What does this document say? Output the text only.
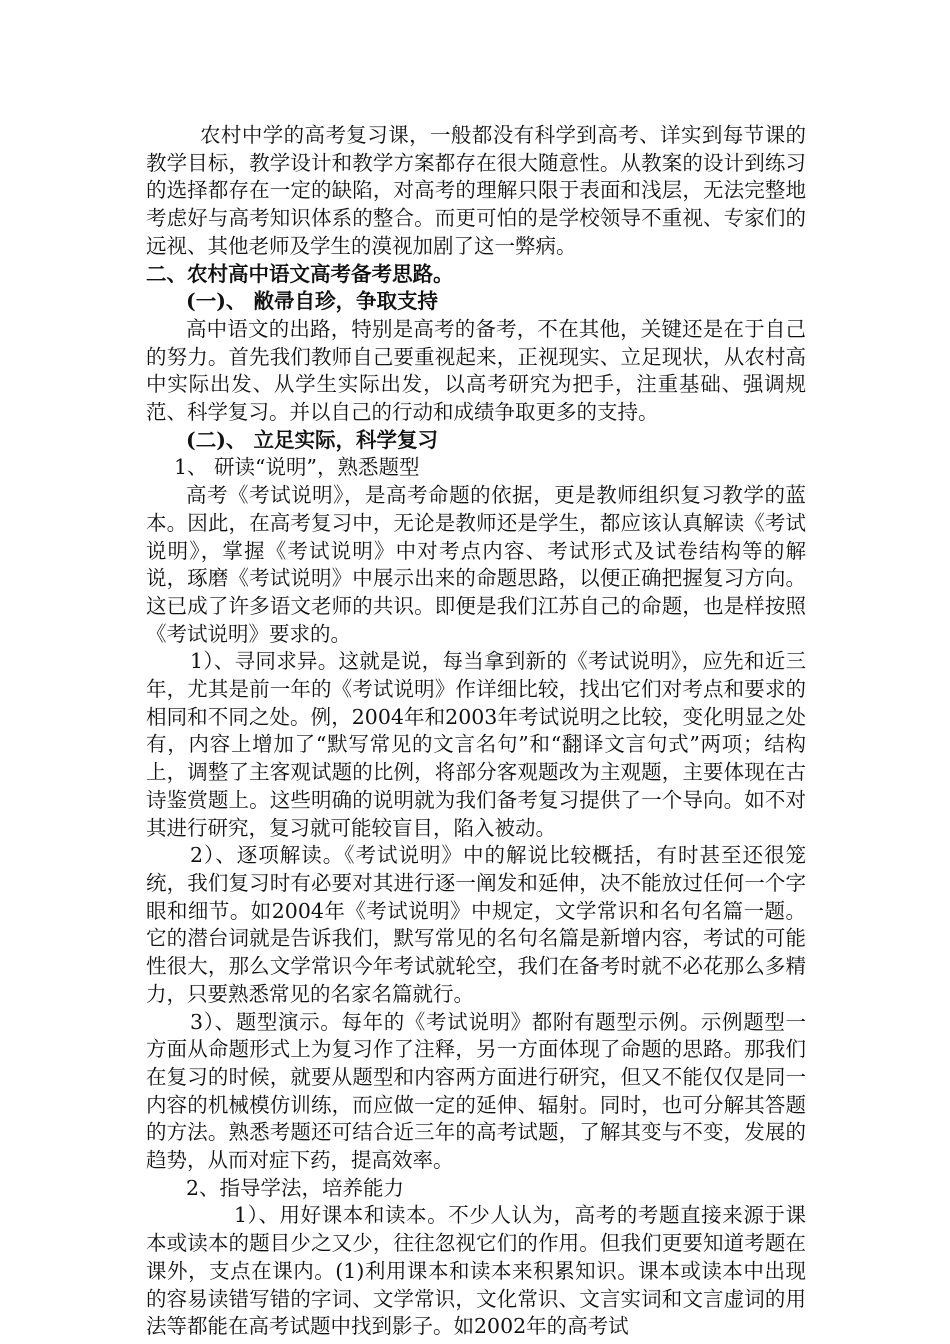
农村中学的高考复习课，一般都没有科学到高考、详实到每节课的教学目标，教学设计和教学方案都存在很大随意性。从教案的设计到练习的选择都存在一定的缺陷，对高考的理解只限于表面和浅层，无法完整地考虑好与高考知识体系的整合。而更可怕的是学校领导不重视、专家们的远视、其他老师及学生的漠视加剧了这一弊病。

二、农村高中语文高考备考思路。

(一)、 敝帚自珍，争取支持

高中语文的出路，特别是高考的备考，不在其他，关键还是在于自己的努力。首先我们教师自己要重视起来，正视现实、立足现状，从农村高中实际出发、从学生实际出发，以高考研究为把手，注重基础、强调规范、科学复习。并以自己的行动和成绩争取更多的支持。

(二)、 立足实际，科学复习

1、 研读“说明”，熟悉题型

高考《考试说明》，是高考命题的依据，更是教师组织复习教学的蓝本。因此，在高考复习中，无论是教师还是学生，都应该认真解读《考试说明》，掌握《考试说明》中对考点内容、考试形式及试卷结构等的解说，琢磨《考试说明》中展示出来的命题思路，以便正确把握复习方向。这已成了许多语文老师的共识。即便是我们江苏自己的命题，也是样按照《考试说明》要求的。

1）、寻同求异。这就是说，每当拿到新的《考试说明》，应先和近三年，尤其是前一年的《考试说明》作详细比较，找出它们对考点和要求的相同和不同之处。例，2004年和2003年考试说明之比较，变化明显之处有，内容上增加了“默写常见的文言名句”和“翻译文言句式”两项；结构上，调整了主客观试题的比例，将部分客观题改为主观题，主要体现在古诗鉴赏题上。这些明确的说明就为我们备考复习提供了一个导向。如不对其进行研究，复习就可能较盲目，陷入被动。

2）、逐项解读。《考试说明》中的解说比较概括，有时甚至还很笼统，我们复习时有必要对其进行逐一阐发和延伸，决不能放过任何一个字眼和细节。如2004年《考试说明》中规定，文学常识和名句名篇一题。它的潜台词就是告诉我们，默写常见的名句名篇是新增内容，考试的可能性很大，那么文学常识今年考试就轮空，我们在备考时就不必花那么多精力，只要熟悉常见的名家名篇就行。

3）、题型演示。每年的《考试说明》都附有题型示例。示例题型一方面从命题形式上为复习作了注释，另一方面体现了命题的思路。那我们在复习的时候，就要从题型和内容两方面进行研究，但又不能仅仅是同一内容的机械模仿训练，而应做一定的延伸、辐射。同时，也可分解其答题的方法。熟悉考题还可结合近三年的高考试题，了解其变与不变，发展的趋势，从而对症下药，提高效率。

2、指导学法，培养能力

1）、用好课本和读本。不少人认为，高考的考题直接来源于课本或读本的题目少之又少，往往忽视它们的作用。但我们更要知道考题在课外，支点在课内。(1)利用课本和读本来积累知识。课本或读本中出现的容易读错写错的字词、文学常识，文化常识、文言实词和文言虚词的用法等都能在高考试题中找到影子。如2002年的高考试
